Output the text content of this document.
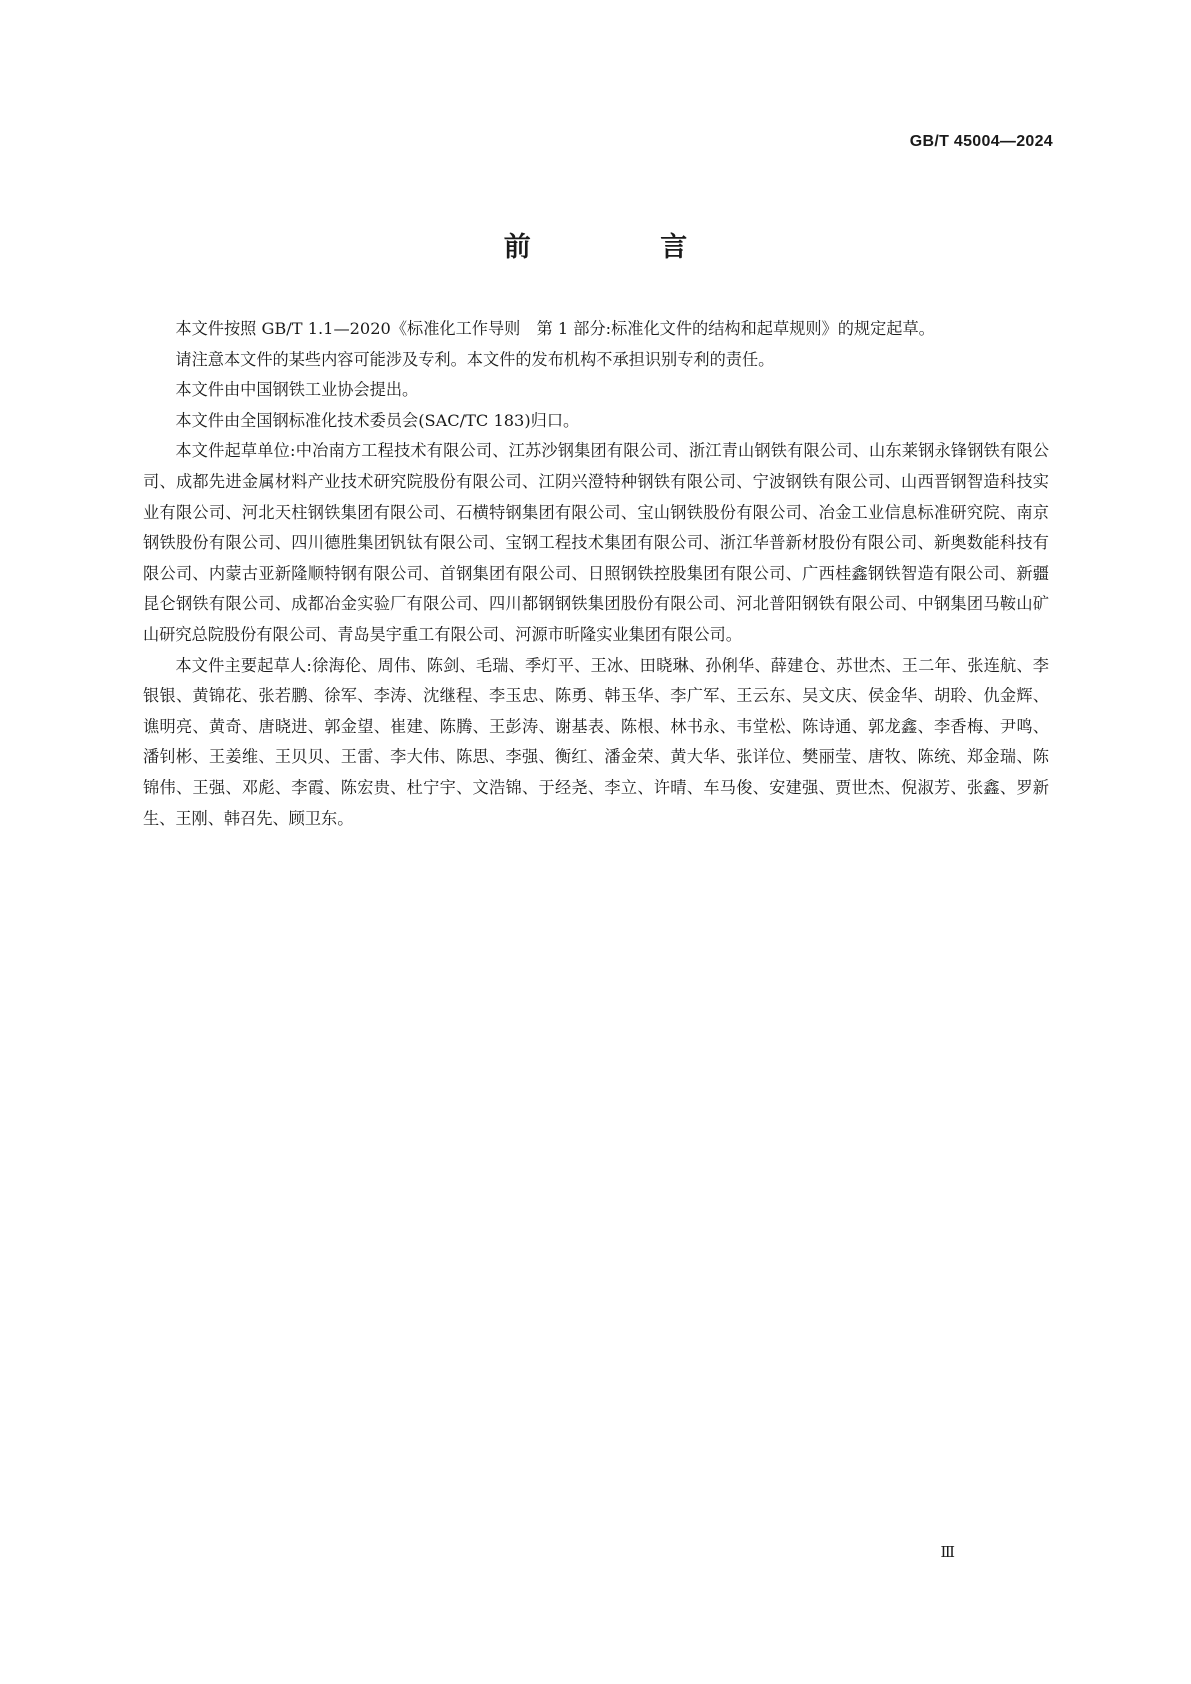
GB/T 45004—2024
前 言

本文件按照 GB/T 1.1—2020《标准化工作导则　第 1 部分:标准化文件的结构和起草规则》的规定起草。

请注意本文件的某些内容可能涉及专利。本文件的发布机构不承担识别专利的责任。

本文件由中国钢铁工业协会提出。

本文件由全国钢标准化技术委员会(SAC/TC 183)归口。

本文件起草单位:中冶南方工程技术有限公司、江苏沙钢集团有限公司、浙江青山钢铁有限公司、山东莱钢永锋钢铁有限公司、成都先进金属材料产业技术研究院股份有限公司、江阴兴澄特种钢铁有限公司、宁波钢铁有限公司、山西晋钢智造科技实业有限公司、河北天柱钢铁集团有限公司、石横特钢集团有限公司、宝山钢铁股份有限公司、冶金工业信息标准研究院、南京钢铁股份有限公司、四川德胜集团钒钛有限公司、宝钢工程技术集团有限公司、浙江华普新材股份有限公司、新奥数能科技有限公司、内蒙古亚新隆顺特钢有限公司、首钢集团有限公司、日照钢铁控股集团有限公司、广西桂鑫钢铁智造有限公司、新疆昆仑钢铁有限公司、成都冶金实验厂有限公司、四川都钢钢铁集团股份有限公司、河北普阳钢铁有限公司、中钢集团马鞍山矿山研究总院股份有限公司、青岛昊宇重工有限公司、河源市昕隆实业集团有限公司。

本文件主要起草人:徐海伦、周伟、陈剑、毛瑞、季灯平、王冰、田晓琳、孙俐华、薛建仓、苏世杰、王二年、张连航、李银银、黄锦花、张若鹏、徐军、李涛、沈继程、李玉忠、陈勇、韩玉华、李广军、王云东、吴文庆、侯金华、胡聆、仇金辉、谯明亮、黄奇、唐晓进、郭金望、崔建、陈腾、王彭涛、谢基表、陈根、林书永、韦堂松、陈诗通、郭龙鑫、李香梅、尹鸣、潘钊彬、王姜维、王贝贝、王雷、李大伟、陈思、李强、衡红、潘金荣、黄大华、张详位、樊丽莹、唐牧、陈统、郑金瑞、陈锦伟、王强、邓彪、李霞、陈宏贵、杜宁宇、文浩锦、于经尧、李立、许晴、车马俊、安建强、贾世杰、倪淑芳、张鑫、罗新生、王刚、韩召先、顾卫东。

Ⅲ
